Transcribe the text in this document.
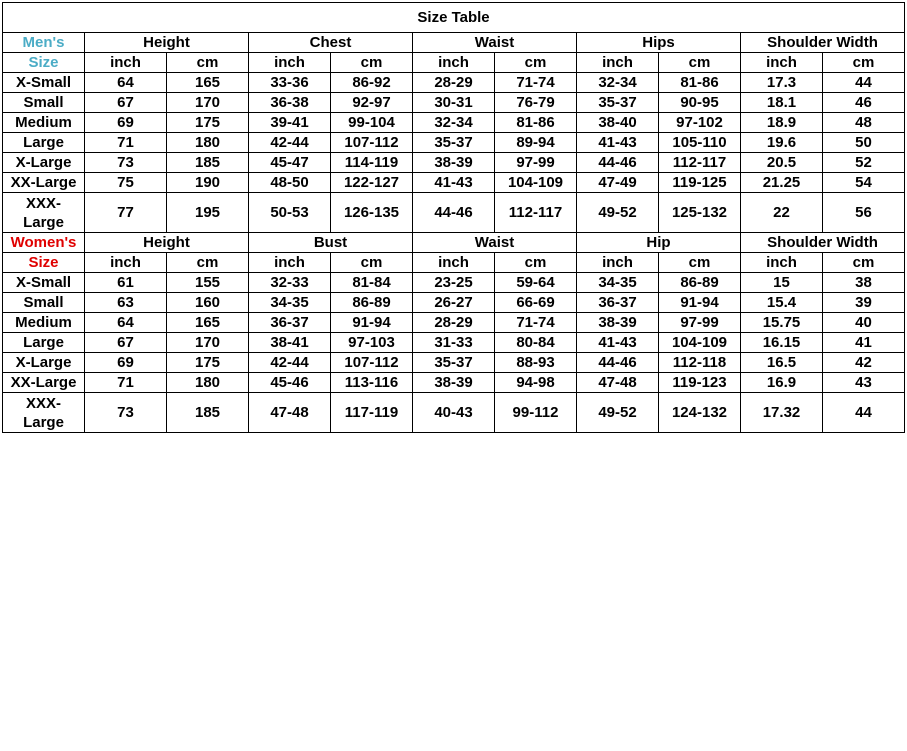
Size Table										
Men's	Height		Chest		Waist		Hips		Shoulder Width	
Size	inch	cm	inch	cm	inch	cm	inch	cm	inch	cm
X-Small	64	165	33-36	86-92	28-29	71-74	32-34	81-86	17.3	44
Small	67	170	36-38	92-97	30-31	76-79	35-37	90-95	18.1	46
Medium	69	175	39-41	99-104	32-34	81-86	38-40	97-102	18.9	48
Large	71	180	42-44	107-112	35-37	89-94	41-43	105-110	19.6	50
X-Large	73	185	45-47	114-119	38-39	97-99	44-46	112-117	20.5	52
XX-Large	75	190	48-50	122-127	41-43	104-109	47-49	119-125	21.25	54

XXX-
Large	77	195	50-53	126-135	44-46	112-117	49-52	125-132	22	56
Women's	Height		Bust		Waist		Hip		Shoulder Width	
Size	inch	cm	inch	cm	inch	cm	inch	cm	inch	cm
X-Small	61	155	32-33	81-84	23-25	59-64	34-35	86-89	15	38
Small	63	160	34-35	86-89	26-27	66-69	36-37	91-94	15.4	39
Medium	64	165	36-37	91-94	28-29	71-74	38-39	97-99	15.75	40
Large	67	170	38-41	97-103	31-33	80-84	41-43	104-109	16.15	41
X-Large	69	175	42-44	107-112	35-37	88-93	44-46	112-118	16.5	42
XX-Large	71	180	45-46	113-116	38-39	94-98	47-48	119-123	16.9	43

XXX-
Large	73	185	47-48	117-119	40-43	99-112	49-52	124-132	17.32	44
